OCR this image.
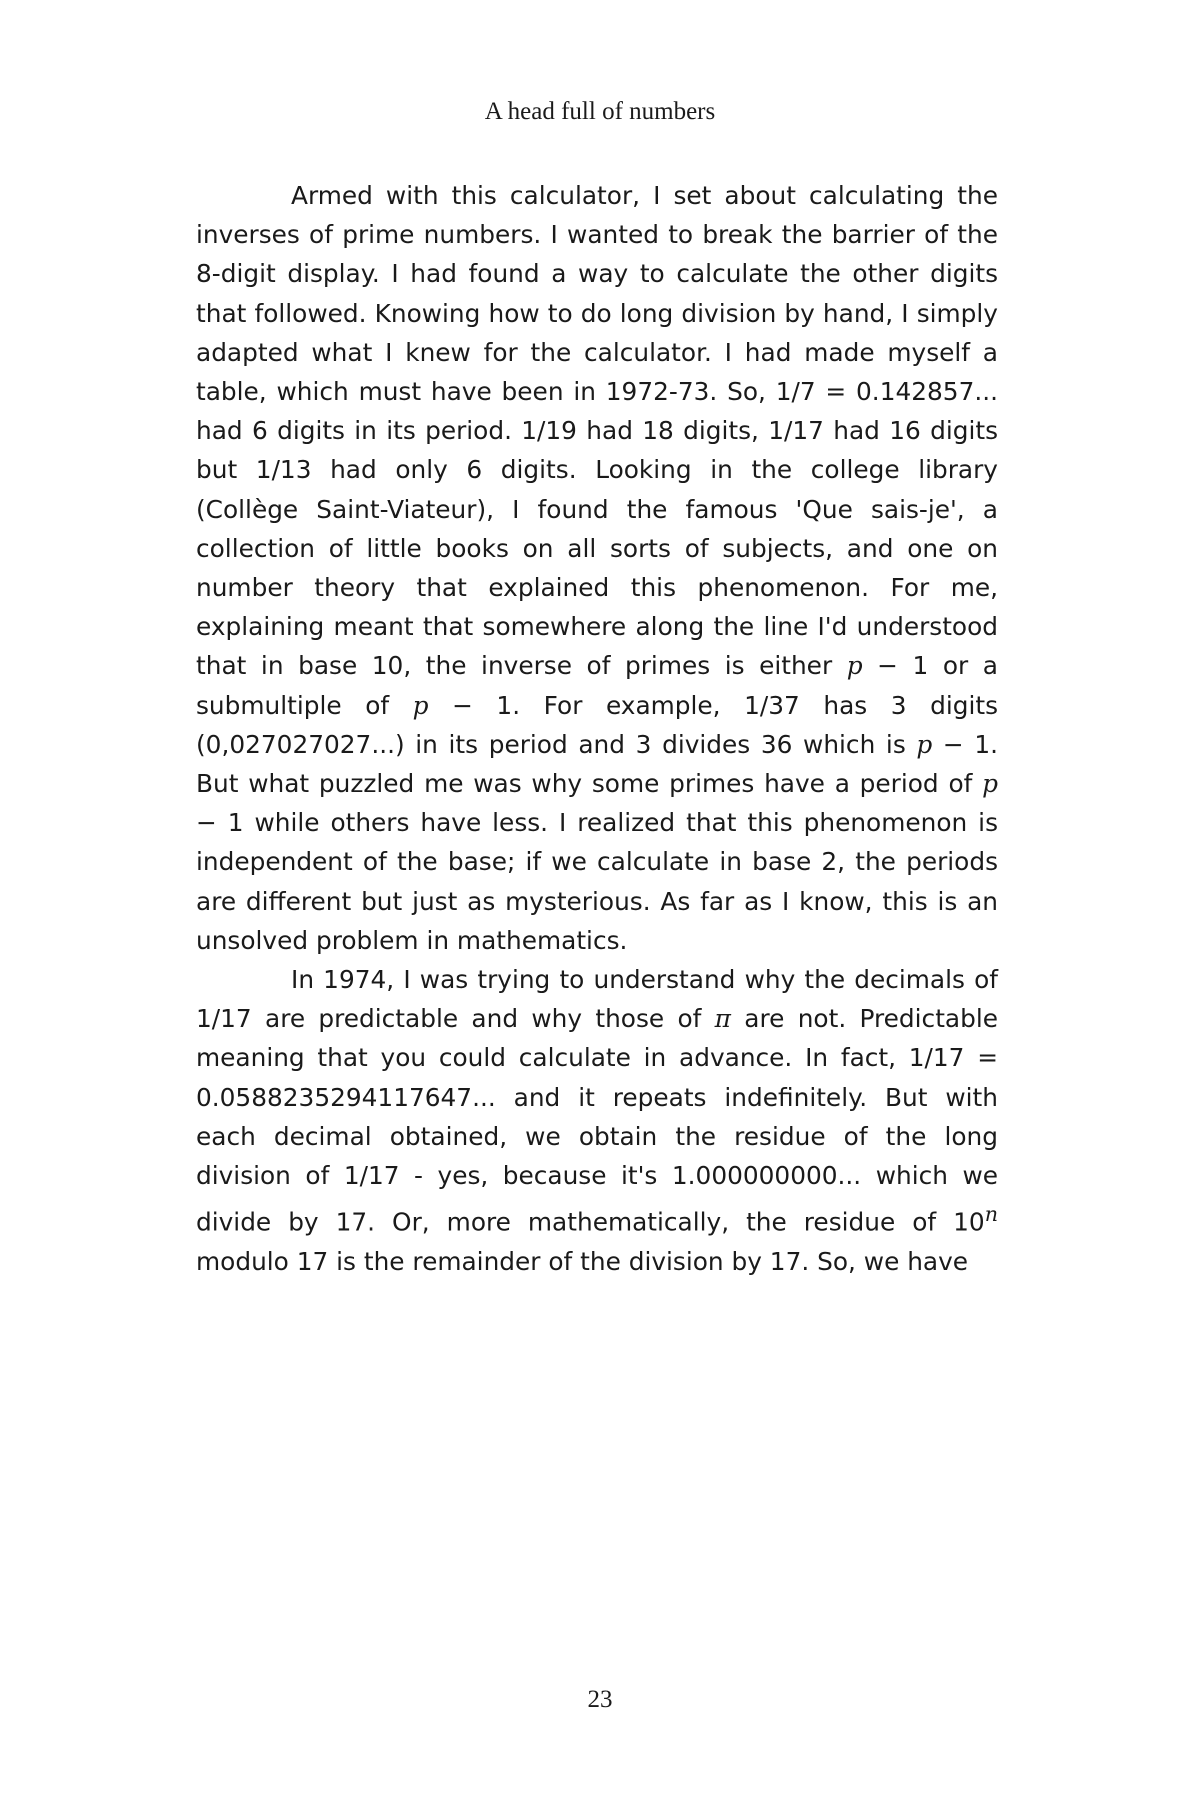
A head full of numbers

Armed with this calculator, I set about calculating the inverses of prime numbers. I wanted to break the barrier of the 8-digit display. I had found a way to calculate the other digits that followed. Knowing how to do long division by hand, I simply adapted what I knew for the calculator. I had made myself a table, which must have been in 1972-73. So, 1/7 = 0.142857... had 6 digits in its period. 1/19 had 18 digits, 1/17 had 16 digits but 1/13 had only 6 digits. Looking in the college library (Collège Saint-Viateur), I found the famous 'Que sais-je', a collection of little books on all sorts of subjects, and one on number theory that explained this phenomenon. For me, explaining meant that somewhere along the line I'd understood that in base 10, the inverse of primes is either p − 1 or a submultiple of p − 1. For example, 1/37 has 3 digits (0,027027027...) in its period and 3 divides 36 which is p − 1. But what puzzled me was why some primes have a period of p − 1 while others have less. I realized that this phenomenon is independent of the base; if we calculate in base 2, the periods are different but just as mysterious. As far as I know, this is an unsolved problem in mathematics.

In 1974, I was trying to understand why the decimals of 1/17 are predictable and why those of π are not. Predictable meaning that you could calculate in advance. In fact, 1/17 = 0.0588235294117647... and it repeats indefinitely. But with each decimal obtained, we obtain the residue of the long division of 1/17 - yes, because it's 1.000000000... which we divide by 17. Or, more mathematically, the residue of 10$^n$ modulo 17 is the remainder of the division by 17. So, we have

23
